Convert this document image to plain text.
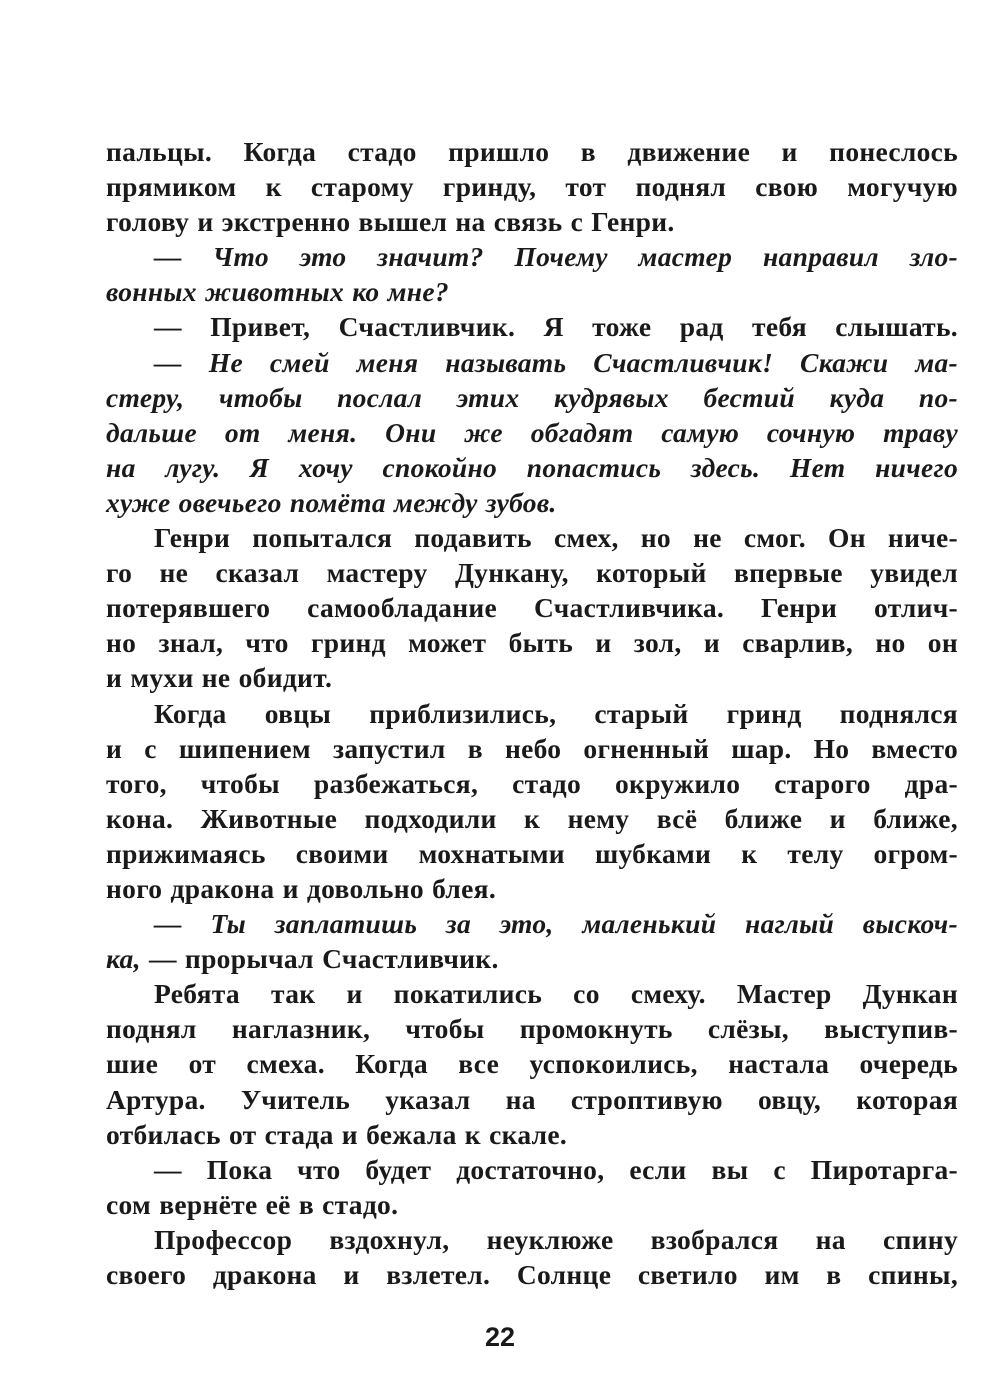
пальцы. Когда стадо пришло в движение и понеслось
прямиком к старому гринду, тот поднял свою могучую
голову и экстренно вышел на связь с Генри.
— Что это значит? Почему мастер направил зло-
вонных животных ко мне?
— Привет, Счастливчик. Я тоже рад тебя слышать.
— Не смей меня называть Счастливчик! Скажи ма-
стеру, чтобы послал этих кудрявых бестий куда по-
дальше от меня. Они же обгадят самую сочную траву
на лугу. Я хочу спокойно попастись здесь. Нет ничего
хуже овечьего помёта между зубов.
Генри попытался подавить смех, но не смог. Он ниче-
го не сказал мастеру Дункану, который впервые увидел
потерявшего самообладание Счастливчика. Генри отлич-
но знал, что гринд может быть и зол, и сварлив, но он
и мухи не обидит.
Когда овцы приблизились, старый гринд поднялся
и с шипением запустил в небо огненный шар. Но вместо
того, чтобы разбежаться, стадо окружило старого дра-
кона. Животные подходили к нему всё ближе и ближе,
прижимаясь своими мохнатыми шубками к телу огром-
ного дракона и довольно блея.
— Ты заплатишь за это, маленький наглый выскоч-
ка, — прорычал Счастливчик.
Ребята так и покатились со смеху. Мастер Дункан
поднял наглазник, чтобы промокнуть слёзы, выступив-
шие от смеха. Когда все успокоились, настала очередь
Артура. Учитель указал на строптивую овцу, которая
отбилась от стада и бежала к скале.
— Пока что будет достаточно, если вы с Пиротарга-
сом вернёте её в стадо.
Профессор вздохнул, неуклюже взобрался на спину
своего дракона и взлетел. Солнце светило им в спины,
22
